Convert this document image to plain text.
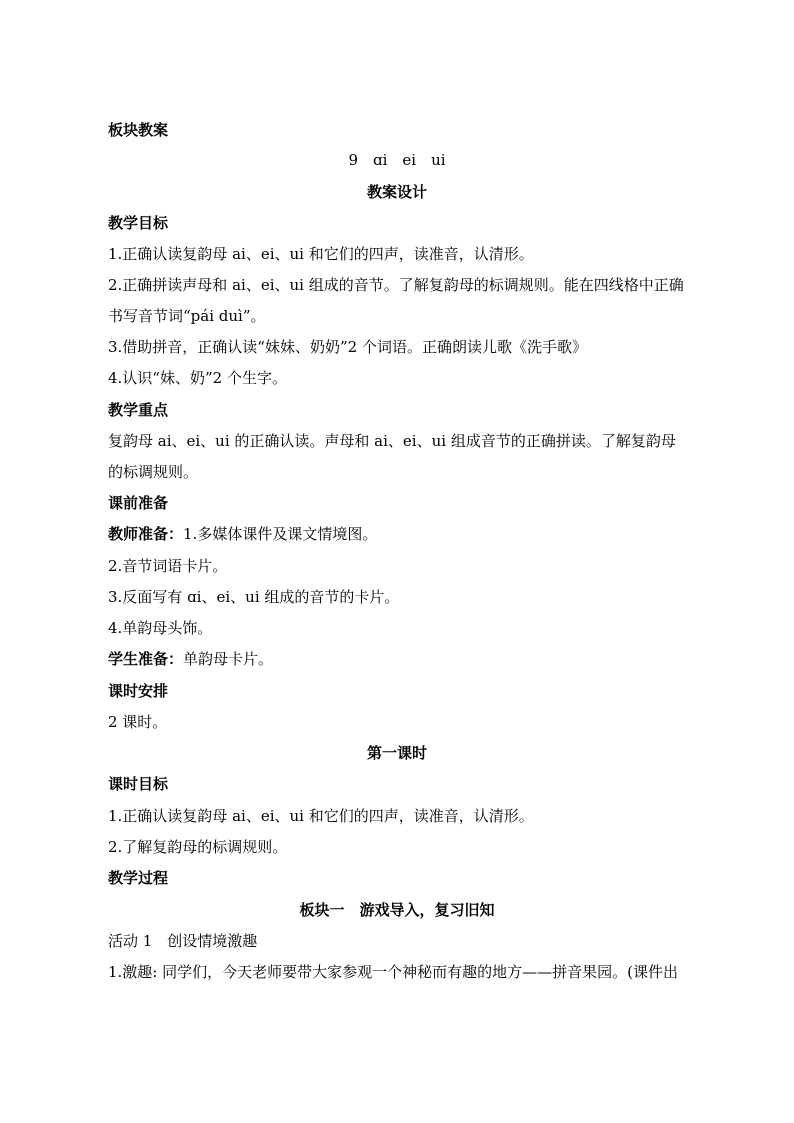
板块教案
9　ɑi　ei　ui
教案设计
教学目标
1.正确认读复韵母 ai、ei、ui 和它们的四声，读准音，认清形。
2.正确拼读声母和 ai、ei、ui 组成的音节。了解复韵母的标调规则。能在四线格中正确
书写音节词“pái duì”。
3.借助拼音，正确认读“妹妹、奶奶”2 个词语。正确朗读儿歌《洗手歌》
4.认识“妹、奶”2 个生字。
教学重点
复韵母 ai、ei、ui 的正确认读。声母和 ai、ei、ui 组成音节的正确拼读。了解复韵母
的标调规则。
课前准备
教师准备：1.多媒体课件及课文情境图。
2.音节词语卡片。
3.反面写有 ɑi、ei、ui 组成的音节的卡片。
4.单韵母头饰。
学生准备：单韵母卡片。
课时安排
2 课时。
第一课时
课时目标
1.正确认读复韵母 ai、ei、ui 和它们的四声，读准音，认清形。
2.了解复韵母的标调规则。
教学过程
板块一　游戏导入，复习旧知
活动 1　创设情境激趣
1.激趣: 同学们，今天老师要带大家参观一个神秘而有趣的地方——拼音果园。(课件出
